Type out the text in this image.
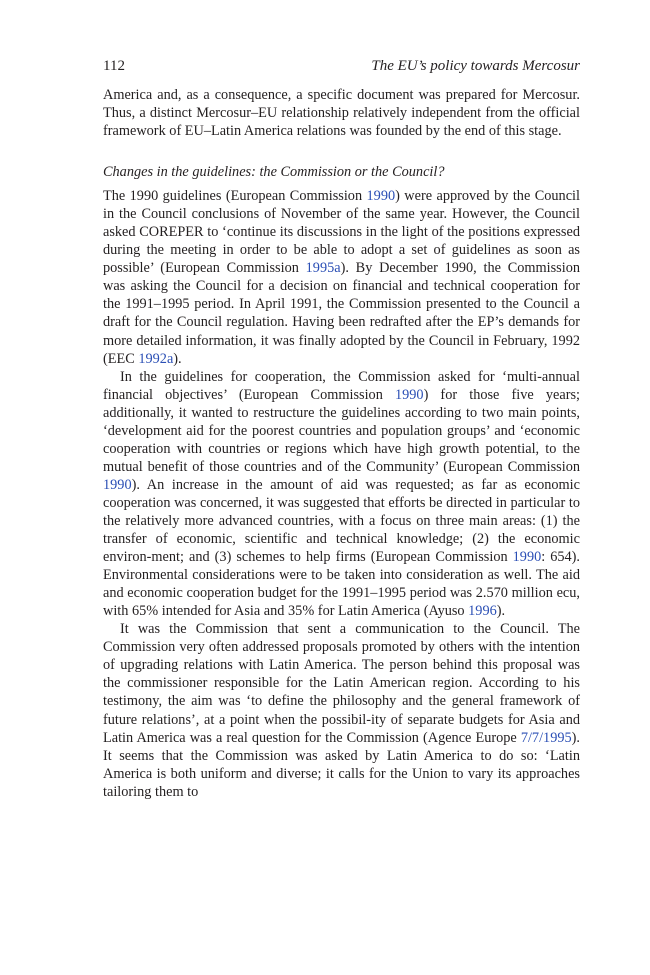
112	The EU’s policy towards Mercosur

America and, as a consequence, a specific document was prepared for Mercosur. Thus, a distinct Mercosur–EU relationship relatively independent from the official framework of EU–Latin America relations was founded by the end of this stage.

Changes in the guidelines: the Commission or the Council?

The 1990 guidelines (European Commission 1990) were approved by the Council in the Council conclusions of November of the same year. However, the Council asked COREPER to ‘continue its discussions in the light of the positions expressed during the meeting in order to be able to adopt a set of guidelines as soon as possible’ (European Commission 1995a). By December 1990, the Commission was asking the Council for a decision on financial and technical cooperation for the 1991–1995 period. In April 1991, the Commission presented to the Council a draft for the Council regulation. Having been redrafted after the EP’s demands for more detailed information, it was finally adopted by the Council in February, 1992 (EEC 1992a).

In the guidelines for cooperation, the Commission asked for ‘multi-annual financial objectives’ (European Commission 1990) for those five years; additionally, it wanted to restructure the guidelines according to two main points, ‘development aid for the poorest countries and population groups’ and ‘economic cooperation with countries or regions which have high growth potential, to the mutual benefit of those countries and of the Community’ (European Commission 1990). An increase in the amount of aid was requested; as far as economic cooperation was concerned, it was suggested that efforts be directed in particular to the relatively more advanced countries, with a focus on three main areas: (1) the transfer of economic, scientific and technical knowledge; (2) the economic environ-ment; and (3) schemes to help firms (European Commission 1990: 654). Environmental considerations were to be taken into consideration as well. The aid and economic cooperation budget for the 1991–1995 period was 2.570 million ecu, with 65% intended for Asia and 35% for Latin America (Ayuso 1996).

It was the Commission that sent a communication to the Council. The Commission very often addressed proposals promoted by others with the intention of upgrading relations with Latin America. The person behind this proposal was the commissioner responsible for the Latin American region. According to his testimony, the aim was ‘to define the philosophy and the general framework of future relations’, at a point when the possibil-ity of separate budgets for Asia and Latin America was a real question for the Commission (Agence Europe 7/7/1995). It seems that the Commission was asked by Latin America to do so: ‘Latin America is both uniform and diverse; it calls for the Union to vary its approaches tailoring them to
